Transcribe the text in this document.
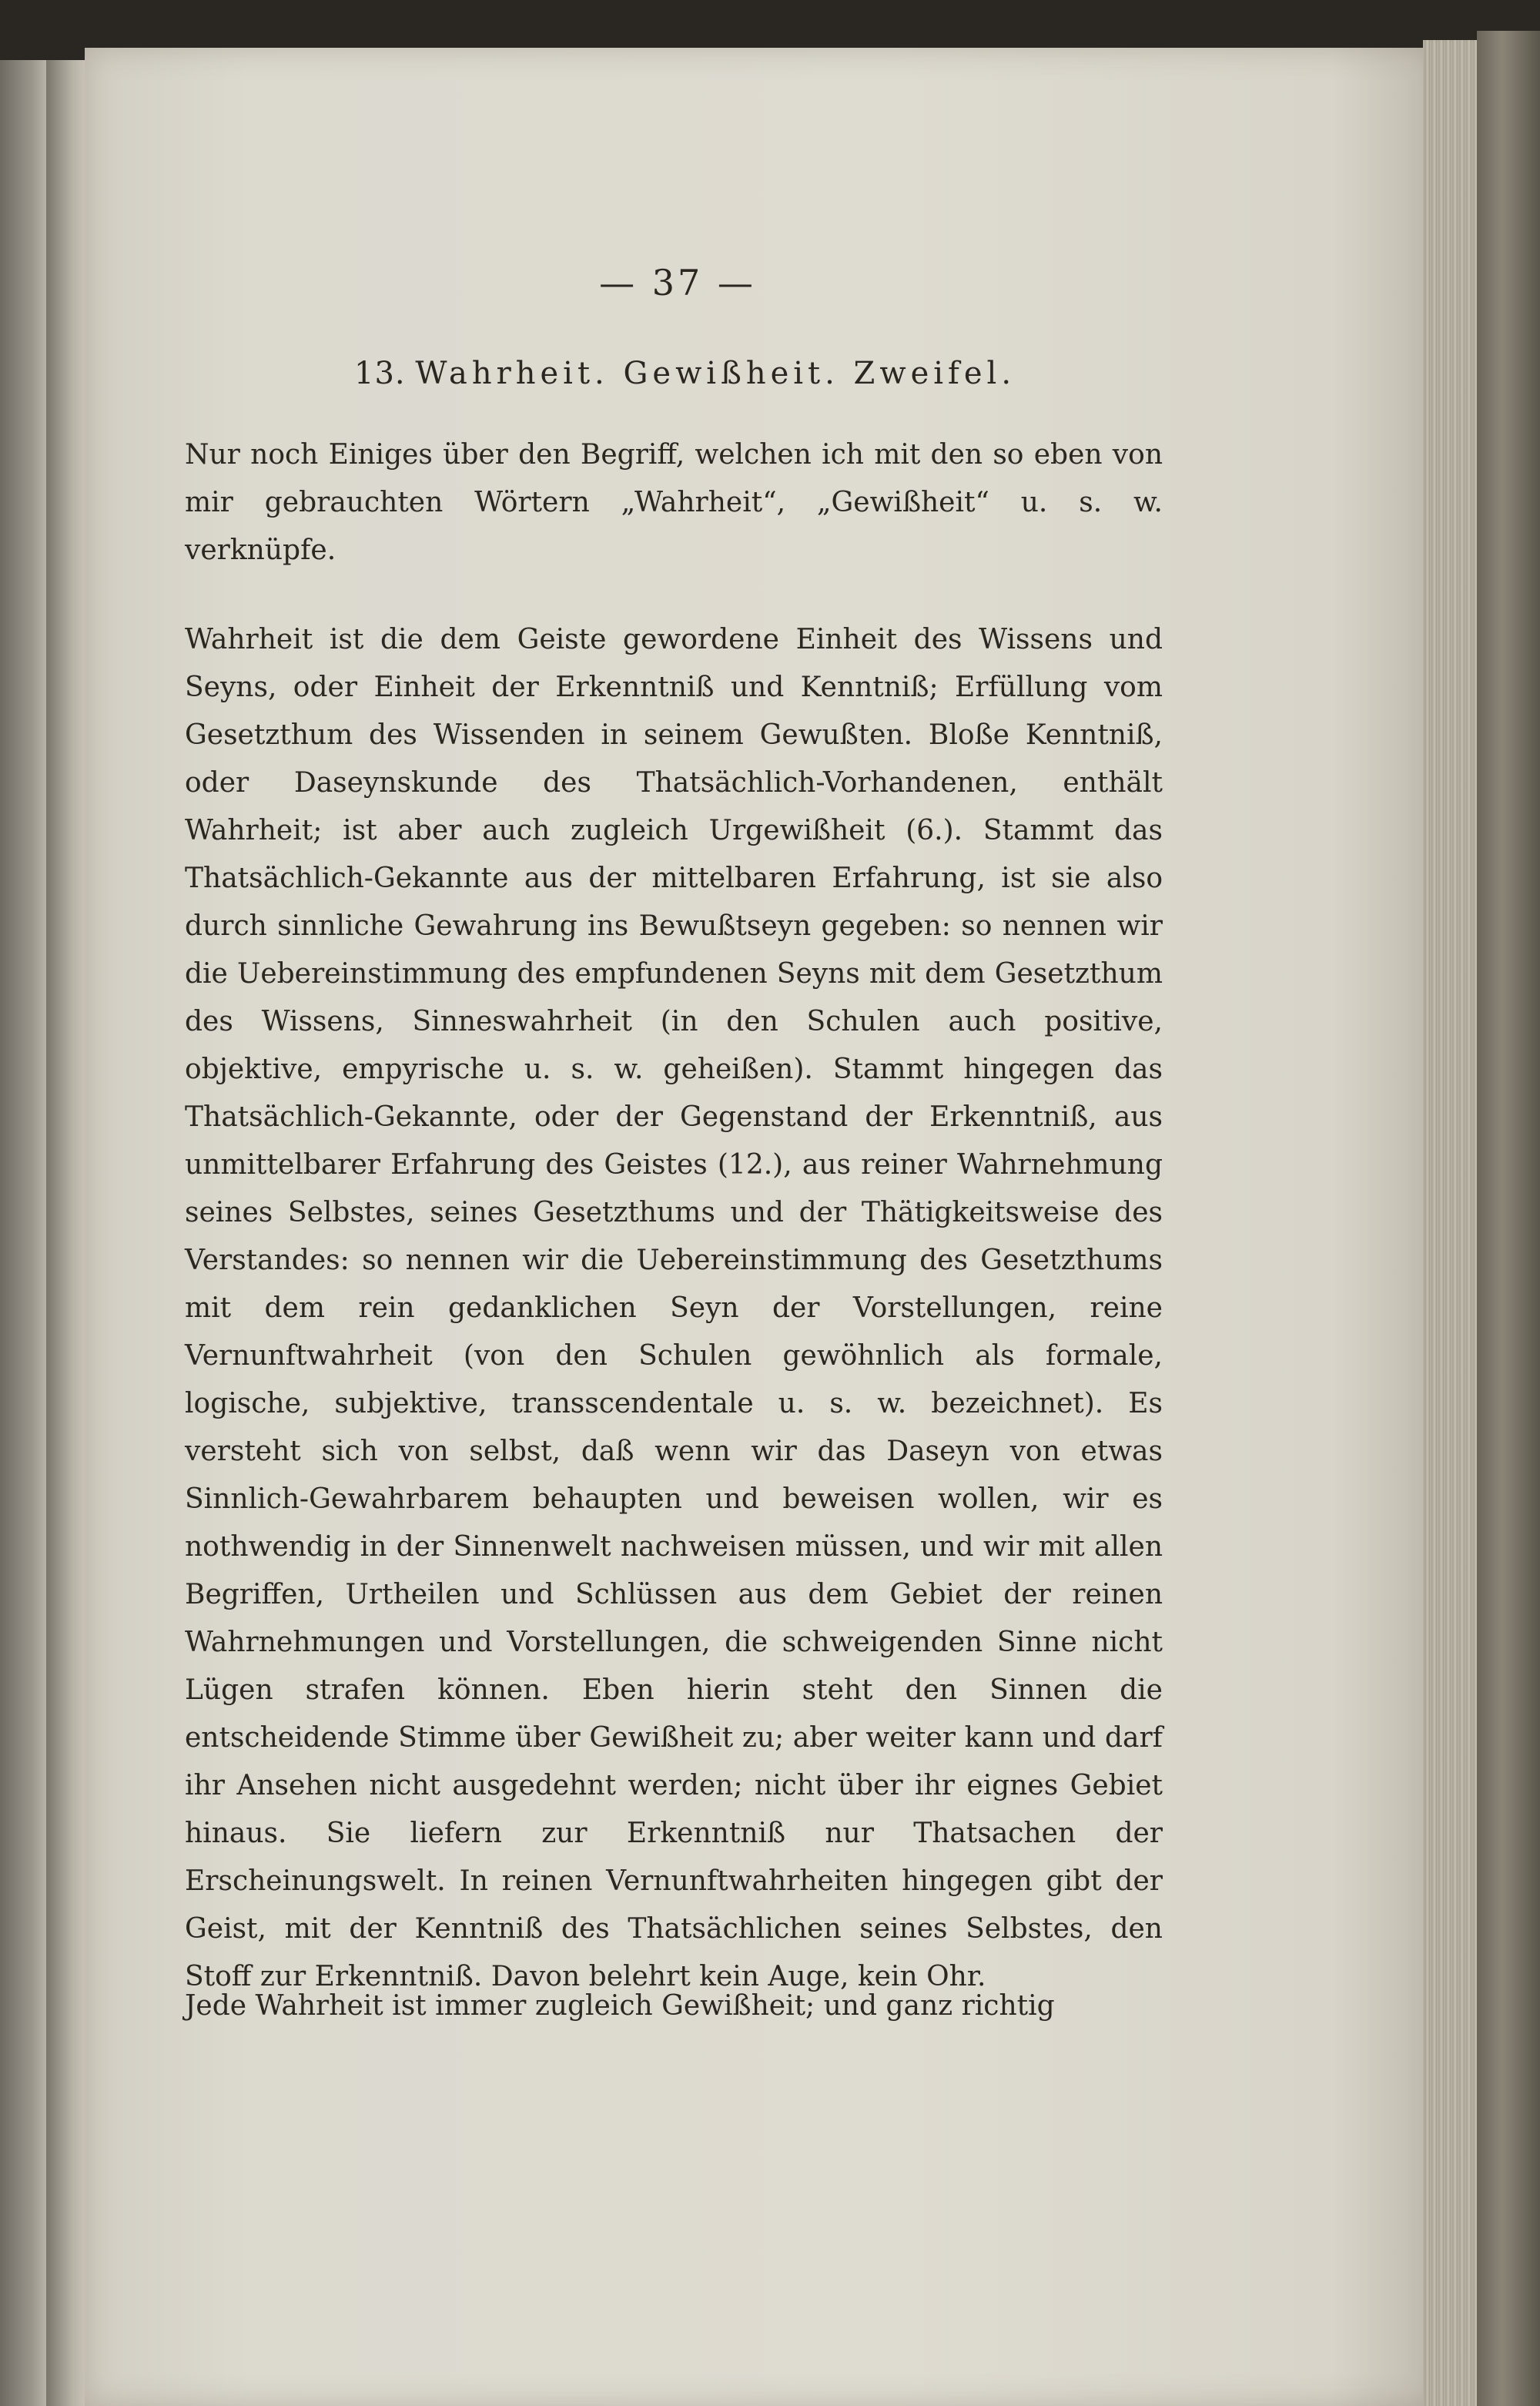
— 37 —
13. Wahrheit. Gewißheit. Zweifel.
Nur noch Einiges über den Begriff, welchen ich mit den so eben von mir gebrauchten Wörtern „Wahrheit“, „Gewißheit“ u. s. w. verknüpfe.
Wahrheit ist die dem Geiste gewordene Einheit des Wissens und Seyns, oder Einheit der Erkenntniß und Kenntniß; Erfüllung vom Gesetzthum des Wissenden in seinem Gewußten. Bloße Kenntniß, oder Daseynskunde des Thatsächlich-Vorhandenen, enthält Wahrheit; ist aber auch zugleich Urgewißheit (6.). Stammt das Thatsächlich-Gekannte aus der mittelbaren Erfahrung, ist sie also durch sinnliche Gewahrung ins Bewußtseyn gegeben: so nennen wir die Uebereinstimmung des empfundenen Seyns mit dem Gesetzthum des Wissens, Sinneswahrheit (in den Schulen auch positive, objektive, empyrische u. s. w. geheißen). Stammt hingegen das Thatsächlich-Gekannte, oder der Gegenstand der Erkenntniß, aus unmittelbarer Erfahrung des Geistes (12.), aus reiner Wahrnehmung seines Selbstes, seines Gesetzthums und der Thätigkeitsweise des Verstandes: so nennen wir die Uebereinstimmung des Gesetzthums mit dem rein gedanklichen Seyn der Vorstellungen, reine Vernunftwahrheit (von den Schulen gewöhnlich als formale, logische, subjektive, transscendentale u. s. w. bezeichnet). Es versteht sich von selbst, daß wenn wir das Daseyn von etwas Sinnlich-Gewahrbarem behaupten und beweisen wollen, wir es nothwendig in der Sinnenwelt nachweisen müssen, und wir mit allen Begriffen, Urtheilen und Schlüssen aus dem Gebiet der reinen Wahrnehmungen und Vorstellungen, die schweigenden Sinne nicht Lügen strafen können. Eben hierin steht den Sinnen die entscheidende Stimme über Gewißheit zu; aber weiter kann und darf ihr Ansehen nicht ausgedehnt werden; nicht über ihr eignes Gebiet hinaus. Sie liefern zur Erkenntniß nur Thatsachen der Erscheinungswelt. In reinen Vernunftwahrheiten hingegen gibt der Geist, mit der Kenntniß des Thatsächlichen seines Selbstes, den Stoff zur Erkenntniß. Davon belehrt kein Auge, kein Ohr.
Jede Wahrheit ist immer zugleich Gewißheit; und ganz richtig
